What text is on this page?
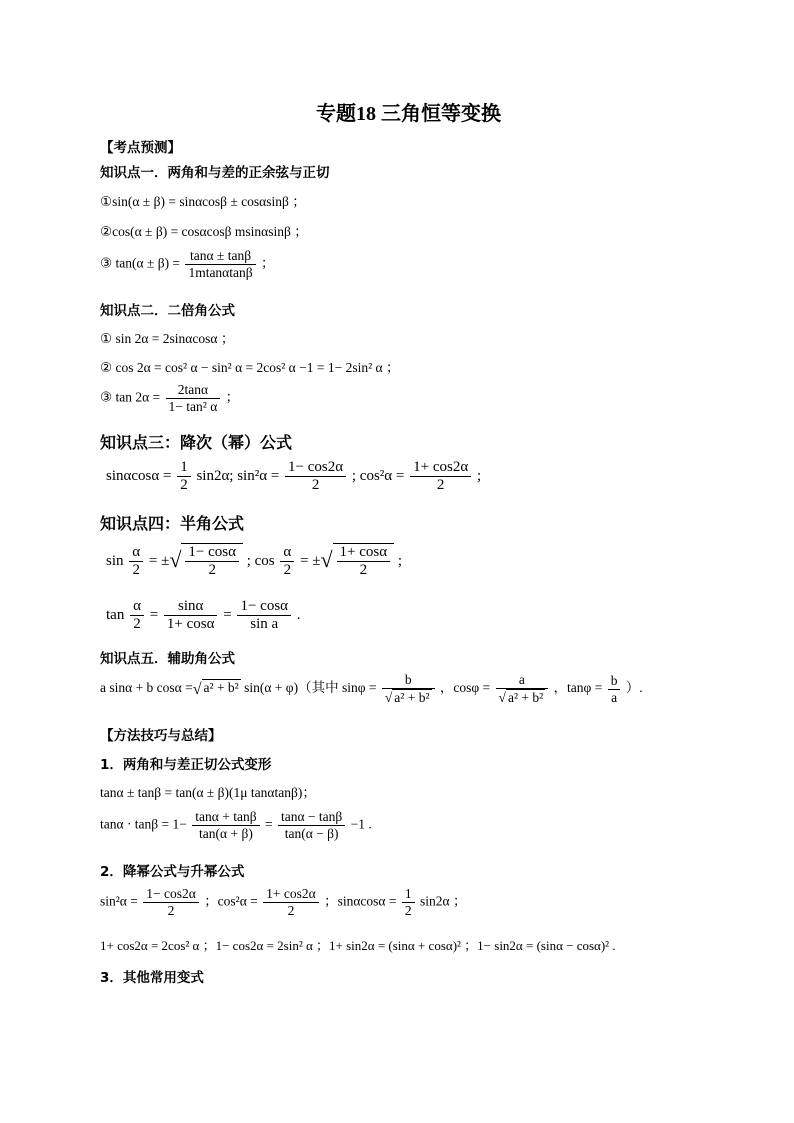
专题18 三角恒等变换
【考点预测】
知识点一．两角和与差的正余弦与正切
①sin(α ± β) = sinαcosβ ± cosαsinβ ；
②cos(α ± β) = cosαcosβ msinαsinβ ；
③ $\tan(\alpha \pm \beta) = \frac{\tan\alpha \pm \tan\beta}{1mtan\alpha\tan\beta}$ ；
知识点二．二倍角公式
① sin 2α = 2sinαcosα ；
② cos 2α = cos² α − sin² α = 2cos² α −1 = 1− 2sin² α ；
③ $\tan 2\alpha = \frac{2\tan\alpha}{\text{1− tan² α}}$ ；
知识点三：降次（幂）公式
$\sin\alpha\cos\alpha = \frac{1}{2} \sin 2\alpha$; $\sin^2\alpha = \frac{1- \cos 2\alpha}{2}$ ; $\cos^2\alpha = \frac{1+ \cos 2\alpha}{2}$ ;
知识点四：半角公式
$\sin \frac{\alpha}{2}$ = ±√ $\frac{1- \cos\alpha}{2}$ ; $\cos \frac{\alpha}{2}$ = ±√ $\frac{1+ \cos\alpha}{2}$ ;
$\tan \frac{\alpha}{2} = \frac{\sin\alpha}{1+ \cos\alpha} = \frac{1- \cos\alpha}{\text{sin a}}$ .
知识点五．辅助角公式
a sinα + b cosα =√ a² + b² sin(α + φ)（其中 $\sin\varphi = \frac{b}{\text{√ a² + b²}}$ ，$\cos\varphi = \frac{a}{\text{√ a² + b²}}$ ，$\tan\varphi = \frac{b}{a}$ ）.
【方法技巧与总结】
1．两角和与差正切公式变形
tanα ± tanβ = tan(α ± β)(1μ tanαtanβ)；
$\tan\alpha \cdot \tan\beta = 1- \frac{\tan\alpha + \tan\beta}{\tan(\alpha + \beta)} = \frac{\tan\alpha - \tan\beta}{\tan(\alpha - \beta)} -1$ .
2．降幂公式与升幂公式
$\sin^2\alpha = \frac{1- \cos 2\alpha}{2}$ ；$\cos^2\alpha = \frac{1+ \cos 2\alpha}{2}$ ；$\sin\alpha\cos\alpha = \frac{1}{2} \sin 2\alpha$ ；
1+ cos2α = 2cos² α ；1− cos2α = 2sin² α ；1+ sin2α = (sinα + cosα)² ；1− sin2α = (sinα − cosα)² .
3．其他常用变式
